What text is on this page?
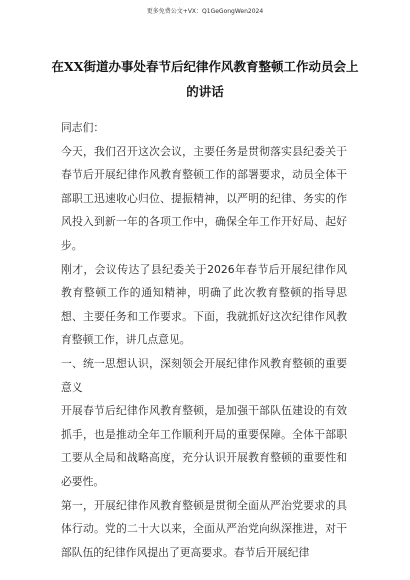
更多免费公文+VX：Q1GeGongWen2024
在XX街道办事处春节后纪律作风教育整顿工作动员会上的讲话

同志们：

今天，我们召开这次会议，主要任务是贯彻落实县纪委关于春节后开展纪律作风教育整顿工作的部署要求，动员全体干部职工迅速收心归位、提振精神，以严明的纪律、务实的作风投入到新一年的各项工作中，确保全年工作开好局、起好步。

刚才，会议传达了县纪委关于2026年春节后开展纪律作风教育整顿工作的通知精神，明确了此次教育整顿的指导思想、主要任务和工作要求。下面，我就抓好这次纪律作风教育整顿工作，讲几点意见。

一、统一思想认识，深刻领会开展纪律作风教育整顿的重要意义

开展春节后纪律作风教育整顿，是加强干部队伍建设的有效抓手，也是推动全年工作顺利开局的重要保障。全体干部职工要从全局和战略高度，充分认识开展教育整顿的重要性和必要性。

第一，开展纪律作风教育整顿是贯彻全面从严治党要求的具体行动。党的二十大以来，全面从严治党向纵深推进，对干部队伍的纪律作风提出了更高要求。春节后开展纪律
